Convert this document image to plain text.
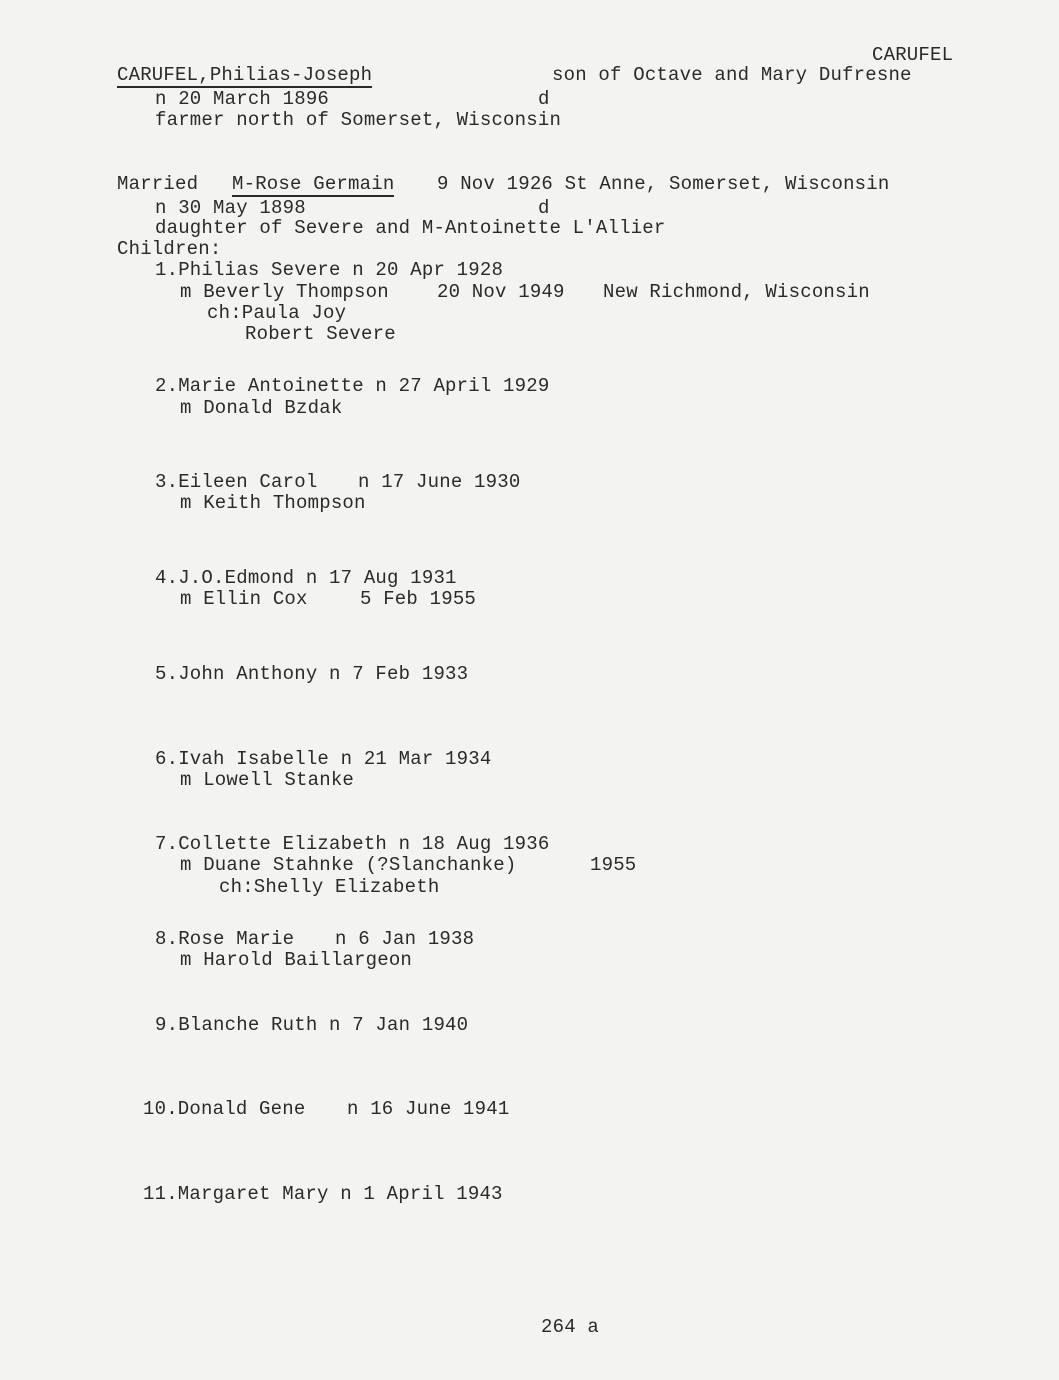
CARUFEL
CARUFEL,Philias-Joseph	son of Octave and Mary Dufresne
n 20 March 1896	d
farmer north of Somerset, Wisconsin
Married M-Rose Germain 9 Nov 1926 St Anne, Somerset, Wisconsin
n 30 May 1898	d
daughter of Severe and M-Antoinette L'Allier
Children:
1.Philias Severe n 20 Apr 1928
m Beverly Thompson	20 Nov 1949 New Richmond, Wisconsin
ch:Paula Joy
Robert Severe
2.Marie Antoinette n 27 April 1929
m Donald Bzdak
3.Eileen Carol n 17 June 1930
m Keith Thompson
4.J.O.Edmond n 17 Aug 1931
m Ellin Cox	5 Feb 1955
5.John Anthony n 7 Feb 1933
6.Ivah Isabelle n 21 Mar 1934
m Lowell Stanke
7.Collette Elizabeth n 18 Aug 1936
m Duane Stahnke (?Slanchanke)	1955
ch:Shelly Elizabeth
8.Rose Marie n 6 Jan 1938
m Harold Baillargeon
9.Blanche Ruth n 7 Jan 1940
10.Donald Gene n 16 June 1941
11.Margaret Mary n 1 April 1943
264 a
